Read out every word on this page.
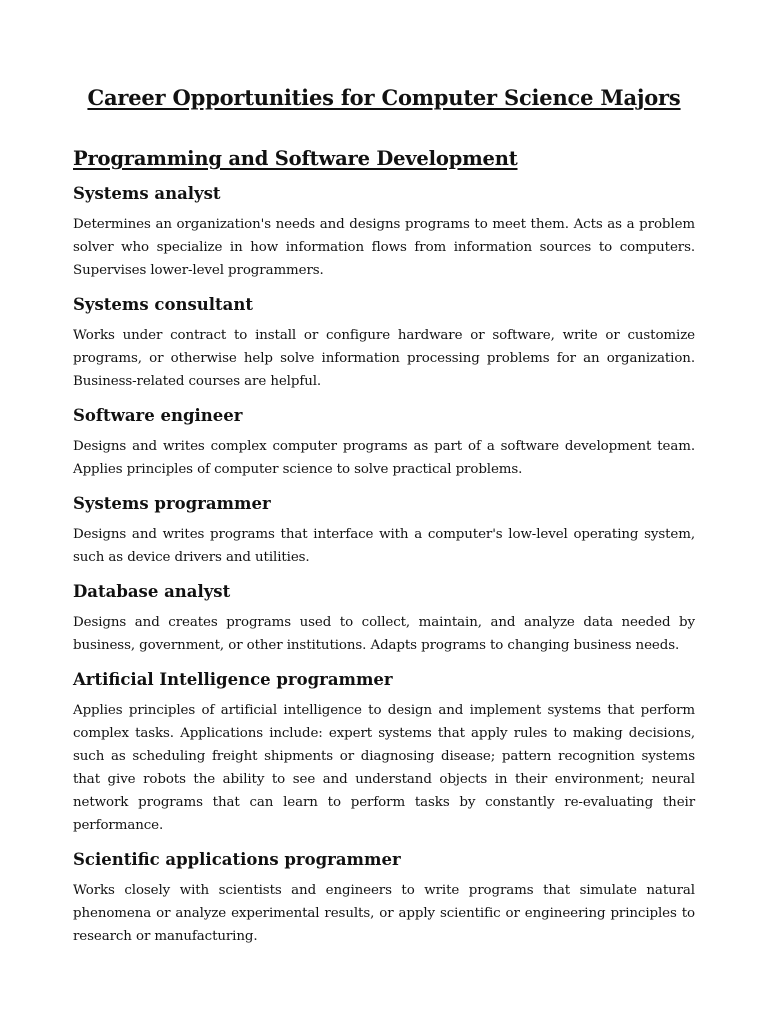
Career Opportunities for Computer Science Majors
Programming and Software Development
Systems analyst

Determines an organization's needs and designs programs to meet them. Acts as a problem solver who specialize in how information flows from information sources to computers. Supervises lower-level programmers.

Systems consultant

Works under contract to install or configure hardware or software, write or customize programs, or otherwise help solve information processing problems for an organization. Business-related courses are helpful.

Software engineer

Designs and writes complex computer programs as part of a software development team. Applies principles of computer science to solve practical problems.

Systems programmer

Designs and writes programs that interface with a computer's low-level operating system, such as device drivers and utilities.

Database analyst

Designs and creates programs used to collect, maintain, and analyze data needed by business, government, or other institutions. Adapts programs to changing business needs.

Artificial Intelligence programmer

Applies principles of artificial intelligence to design and implement systems that perform complex tasks. Applications include: expert systems that apply rules to making decisions, such as scheduling freight shipments or diagnosing disease; pattern recognition systems that give robots the ability to see and understand objects in their environment; neural network programs that can learn to perform tasks by constantly re-evaluating their performance.

Scientific applications programmer

Works closely with scientists and engineers to write programs that simulate natural phenomena or analyze experimental results, or apply scientific or engineering principles to research or manufacturing.
